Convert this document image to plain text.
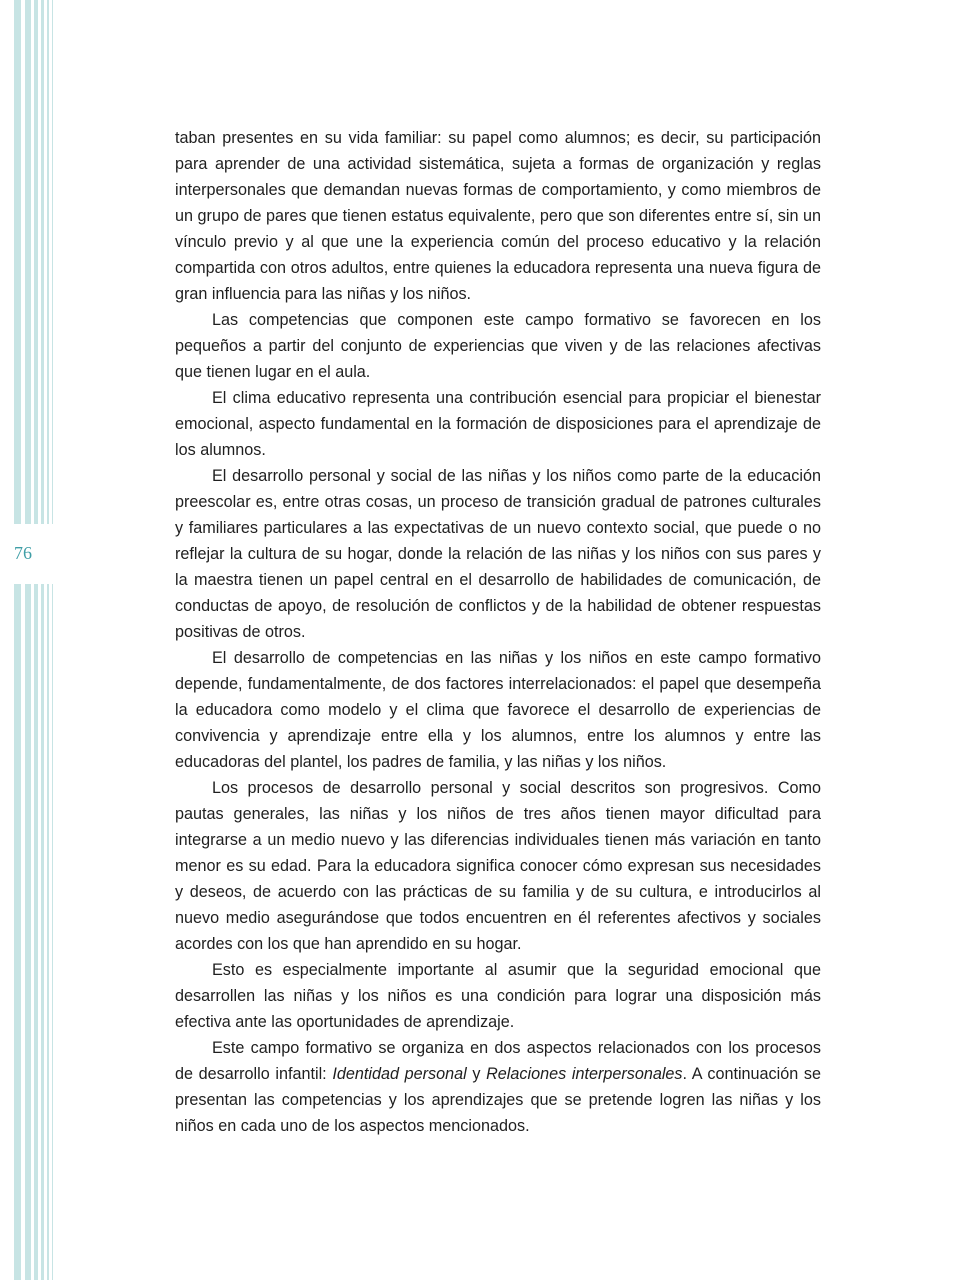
76

taban presentes en su vida familiar: su papel como alumnos; es decir, su participación para aprender de una actividad sistemática, sujeta a formas de organización y reglas interpersonales que demandan nuevas formas de comportamiento, y como miembros de un grupo de pares que tienen estatus equivalente, pero que son diferentes entre sí, sin un vínculo previo y al que une la experiencia común del proceso educativo y la relación compartida con otros adultos, entre quienes la educadora representa una nueva figura de gran influencia para las niñas y los niños.

Las competencias que componen este campo formativo se favorecen en los pequeños a partir del conjunto de experiencias que viven y de las relaciones afectivas que tienen lugar en el aula.

El clima educativo representa una contribución esencial para propiciar el bienestar emocional, aspecto fundamental en la formación de disposiciones para el aprendizaje de los alumnos.

El desarrollo personal y social de las niñas y los niños como parte de la educación preescolar es, entre otras cosas, un proceso de transición gradual de patrones culturales y familiares particulares a las expectativas de un nuevo contexto social, que puede o no reflejar la cultura de su hogar, donde la relación de las niñas y los niños con sus pares y la maestra tienen un papel central en el desarrollo de habilidades de comunicación, de conductas de apoyo, de resolución de conflictos y de la habilidad de obtener respuestas positivas de otros.

El desarrollo de competencias en las niñas y los niños en este campo formativo depende, fundamentalmente, de dos factores interrelacionados: el papel que desempeña la educadora como modelo y el clima que favorece el desarrollo de experiencias de convivencia y aprendizaje entre ella y los alumnos, entre los alumnos y entre las educadoras del plantel, los padres de familia, y las niñas y los niños.

Los procesos de desarrollo personal y social descritos son progresivos. Como pautas generales, las niñas y los niños de tres años tienen mayor dificultad para integrarse a un medio nuevo y las diferencias individuales tienen más variación en tanto menor es su edad. Para la educadora significa conocer cómo expresan sus necesidades y deseos, de acuerdo con las prácticas de su familia y de su cultura, e introducirlos al nuevo medio asegurándose que todos encuentren en él referentes afectivos y sociales acordes con los que han aprendido en su hogar.

Esto es especialmente importante al asumir que la seguridad emocional que desarrollen las niñas y los niños es una condición para lograr una disposición más efectiva ante las oportunidades de aprendizaje.

Este campo formativo se organiza en dos aspectos relacionados con los procesos de desarrollo infantil: Identidad personal y Relaciones interpersonales. A continuación se presentan las competencias y los aprendizajes que se pretende logren las niñas y los niños en cada uno de los aspectos mencionados.
